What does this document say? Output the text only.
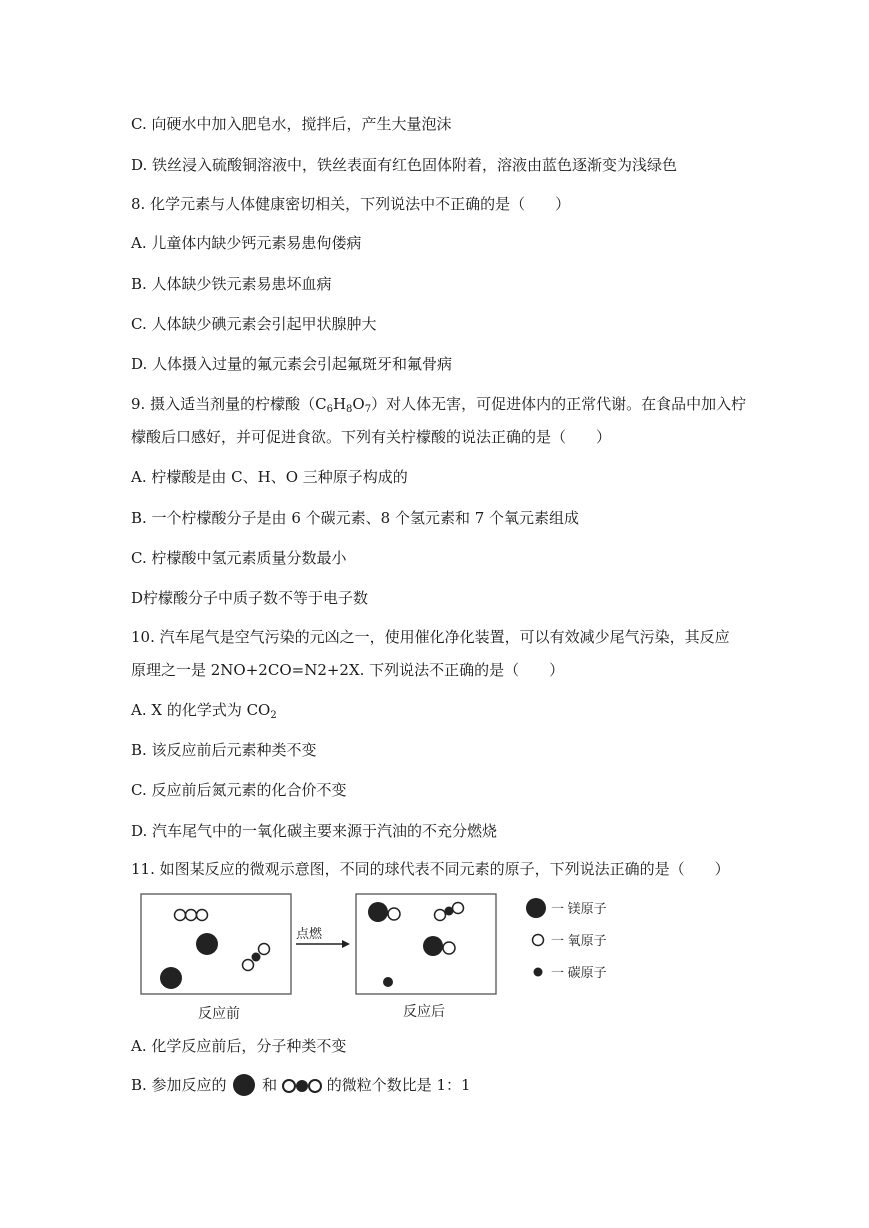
C. 向硬水中加入肥皂水，搅拌后，产生大量泡沫
D. 铁丝浸入硫酸铜溶液中，铁丝表面有红色固体附着，溶液由蓝色逐渐变为浅绿色
8. 化学元素与人体健康密切相关，下列说法中不正确的是（　　）
A. 儿童体内缺少钙元素易患佝偻病
B. 人体缺少铁元素易患坏血病
C. 人体缺少碘元素会引起甲状腺肿大
D. 人体摄入过量的氟元素会引起氟斑牙和氟骨病
9. 摄入适当剂量的柠檬酸$(C_6H_8O_7)$对人体无害，可促进体内的正常代谢。在食品中加入柠
檬酸后口感好，并可促进食欲。下列有关柠檬酸的说法正确的是（　　）
A. 柠檬酸是由 C、H、O 三种原子构成的
B. 一个柠檬酸分子是由 6 个碳元素、8 个氢元素和 7 个氧元素组成
C. 柠檬酸中氢元素质量分数最小
D柠檬酸分子中质子数不等于电子数
10. 汽车尾气是空气污染的元凶之一，使用催化净化装置，可以有效减少尾气污染，其反应
原理之一是 2NO+2CO=N2+2X. 下列说法不正确的是（　　）
A. X 的化学式为 $CO_2$
B. 该反应前后元素种类不变
C. 反应前后氮元素的化合价不变
D. 汽车尾气中的一氧化碳主要来源于汽油的不充分燃烧
11. 如图某反应的微观示意图，不同的球代表不同元素的原子，下列说法正确的是（　　）
点燃
反应前	反应后
一 镁原子
一 氧原子
一 碳原子
A. 化学反应前后，分子种类不变
B. 参加反应的 和	的微粒个数比是 1：1
